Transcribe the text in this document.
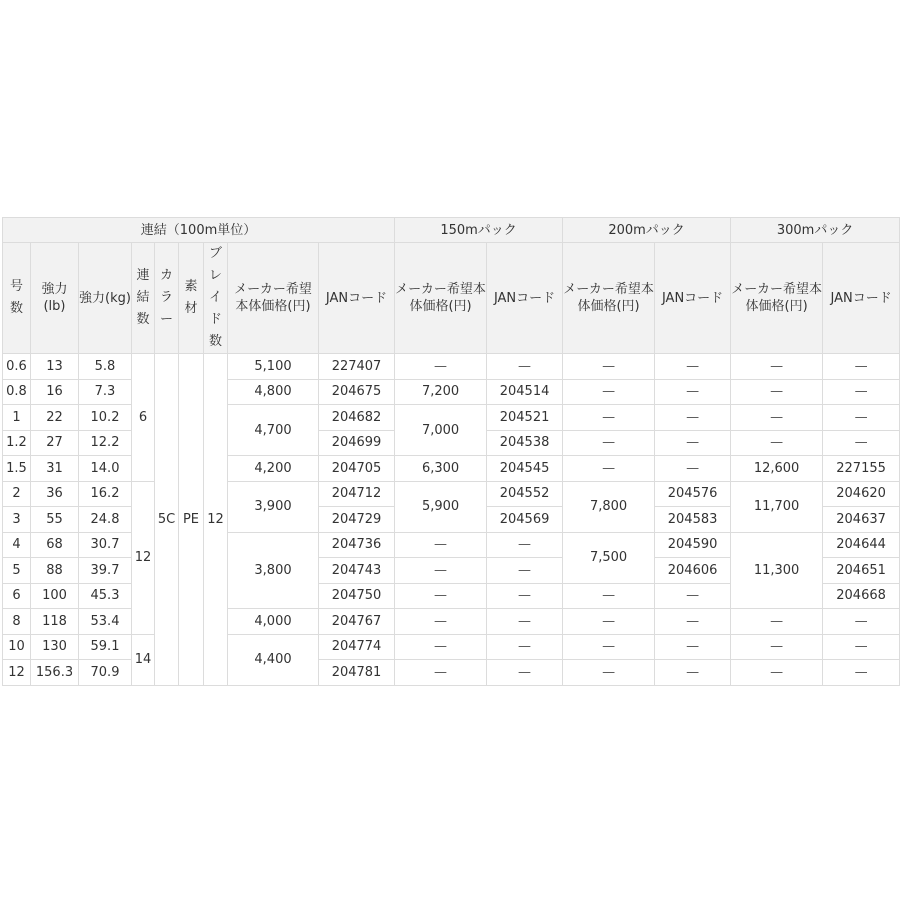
連結（100m単位）									150mパック		200mパック		300mパック	
号数	強力(lb)	強力(kg)	連結数	カラー	素材	ブレイド数	メーカー希望本体価格(円)	JANコード	メーカー希望本体価格(円)	JANコード	メーカー希望本体価格(円)	JANコード	メーカー希望本体価格(円)	JANコード
0.6	13	5.8	6	5C	PE	12	5,100	227407	—	—	—	—	—	—
0.8	16	7.3					4,800	204675	7,200	204514	—	—	—	—
1	22	10.2					4,700	204682	7,000	204521	—	—	—	—
1.2	27	12.2						204699		204538	—	—	—	—
1.5	31	14.0					4,200	204705	6,300	204545	—	—	12,600	227155
2	36	16.2	12				3,900	204712	5,900	204552	7,800	204576	11,700	204620
3	55	24.8						204729		204569		204583		204637
4	68	30.7					3,800	204736	—	—	7,500	204590	11,300	204644
5	88	39.7						204743	—	—		204606		204651
6	100	45.3						204750	—	—	—	—		204668
8	118	53.4					4,000	204767	—	—	—	—	—	—
10	130	59.1	14				4,400	204774	—	—	—	—	—	—
12	156.3	70.9						204781	—	—	—	—	—	—
